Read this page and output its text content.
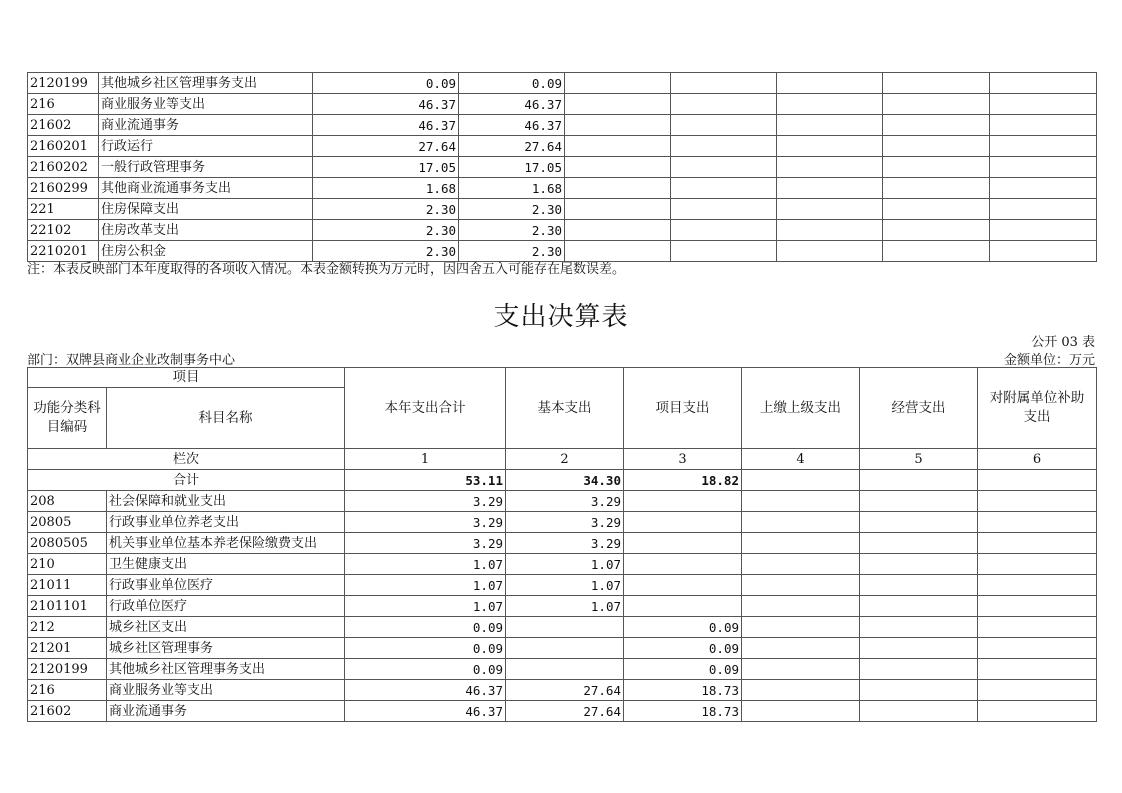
2120199	其他城乡社区管理事务支出	0.09	0.09					
216	商业服务业等支出	46.37	46.37					
21602	商业流通事务	46.37	46.37					
2160201	行政运行	27.64	27.64					
2160202	一般行政管理事务	17.05	17.05					
2160299	其他商业流通事务支出	1.68	1.68					
221	住房保障支出	2.30	2.30					
22102	住房改革支出	2.30	2.30					
2210201	住房公积金	2.30	2.30					
注：本表反映部门本年度取得的各项收入情况。本表金额转换为万元时，因四舍五入可能存在尾数误差。
支出决算表
公开 03 表
部门：双牌县商业企业改制事务中心	金额单位：万元
项目		本年支出合计	基本支出	项目支出	上缴上级支出	经营支出	对附属单位补助支出
功能分类科目编码	科目名称						
栏次		1	2	3	4	5	6
合计		53.11	34.30	18.82			
208	社会保障和就业支出	3.29	3.29				
20805	行政事业单位养老支出	3.29	3.29				
2080505	机关事业单位基本养老保险缴费支出	3.29	3.29				
210	卫生健康支出	1.07	1.07				
21011	行政事业单位医疗	1.07	1.07				
2101101	行政单位医疗	1.07	1.07				
212	城乡社区支出	0.09		0.09			
21201	城乡社区管理事务	0.09		0.09			
2120199	其他城乡社区管理事务支出	0.09		0.09			
216	商业服务业等支出	46.37	27.64	18.73			
21602	商业流通事务	46.37	27.64	18.73			
